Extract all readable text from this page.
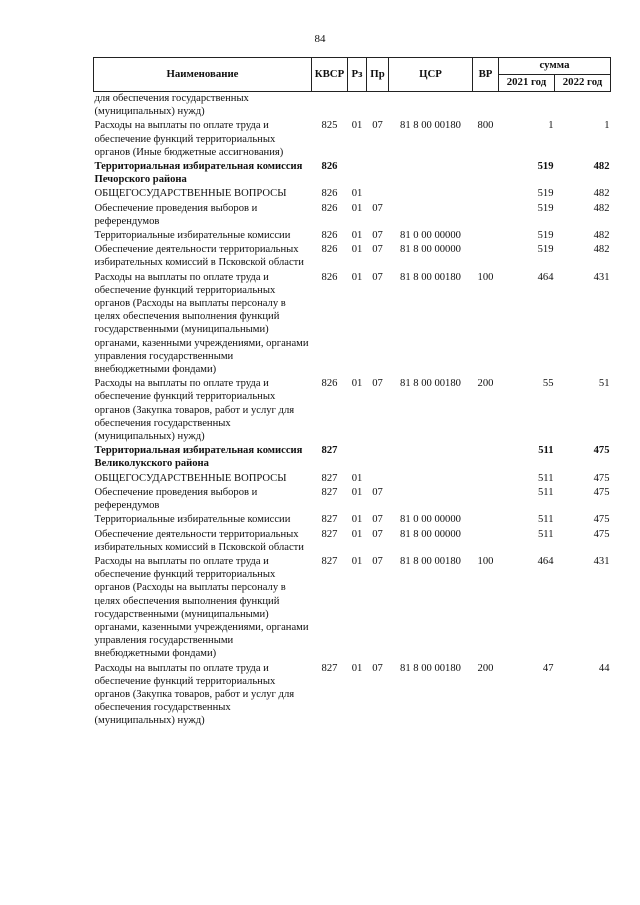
84
Наименование	КВСР	Рз	Пр	ЦСР	ВР	сумма	
						2021 год	2022 год
для обеспечения государственных (муниципальных) нужд)							
Расходы на выплаты по оплате труда и обеспечение функций территориальных органов (Иные бюджетные ассигнования)	825	01	07	81 8 00 00180	800	1	1
Территориальная избирательная комиссия Печорского района	826					519	482
ОБЩЕГОСУДАРСТВЕННЫЕ ВОПРОСЫ	826	01				519	482
Обеспечение проведения выборов и референдумов	826	01	07			519	482
Территориальные избирательные комиссии	826	01	07	81 0 00 00000		519	482
Обеспечение деятельности территориальных избирательных комиссий в Псковской области	826	01	07	81 8 00 00000		519	482
Расходы на выплаты по оплате труда и обеспечение функций территориальных органов (Расходы на выплаты персоналу в целях обеспечения выполнения функций государственными (муниципальными) органами, казенными учреждениями, органами управления государственными внебюджетными фондами)	826	01	07	81 8 00 00180	100	464	431
Расходы на выплаты по оплате труда и обеспечение функций территориальных органов (Закупка товаров, работ и услуг для обеспечения государственных (муниципальных) нужд)	826	01	07	81 8 00 00180	200	55	51
Территориальная избирательная комиссия Великолукского района	827					511	475
ОБЩЕГОСУДАРСТВЕННЫЕ ВОПРОСЫ	827	01				511	475
Обеспечение проведения выборов и референдумов	827	01	07			511	475
Территориальные избирательные комиссии	827	01	07	81 0 00 00000		511	475
Обеспечение деятельности территориальных избирательных комиссий в Псковской области	827	01	07	81 8 00 00000		511	475
Расходы на выплаты по оплате труда и обеспечение функций территориальных органов (Расходы на выплаты персоналу в целях обеспечения выполнения функций государственными (муниципальными) органами, казенными учреждениями, органами управления государственными внебюджетными фондами)	827	01	07	81 8 00 00180	100	464	431
Расходы на выплаты по оплате труда и обеспечение функций территориальных органов (Закупка товаров, работ и услуг для обеспечения государственных (муниципальных) нужд)	827	01	07	81 8 00 00180	200	47	44
